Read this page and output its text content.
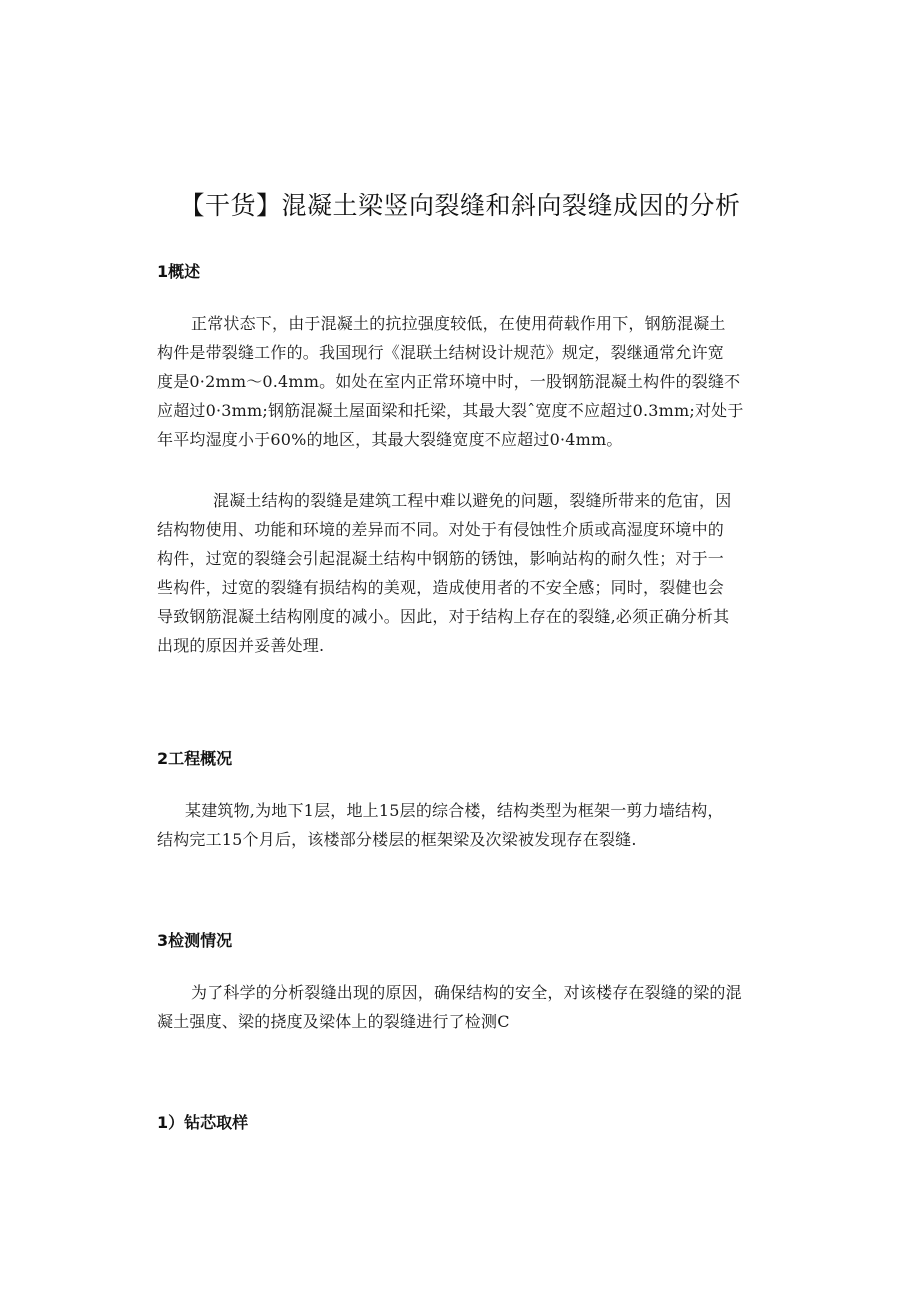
【干货】混凝土梁竖向裂缝和斜向裂缝成因的分析
1概述

正常状态下，由于混凝土的抗拉强度较低，在使用荷载作用下，钢筋混凝土
构件是带裂缝工作的。我国现行《混联土结树设计规范》规定，裂继通常允许宽
度是0·2mm～0.4mm。如处在室内正常环境中时，一股钢筋混凝土构件的裂缝不
应超过0·3mm;钢筋混凝土屋面梁和托梁，其最大裂ˆ宽度不应超过0.3mm;对处于
年平均湿度小于60%的地区，其最大裂缝宽度不应超过0·4mm。

混凝土结构的裂缝是建筑工程中难以避免的问题，裂缝所带来的危宙，因
结构物使用、功能和环境的差异而不同。对处于有侵蚀性介质或高湿度环境中的
构件，过宽的裂缝会引起混凝土结构中钢筋的锈蚀，影响站构的耐久性；对于一
些构件，过宽的裂缝有损结构的美观，造成使用者的不安全感；同时，裂健也会
导致钢筋混凝土结构刚度的减小。因此，对于结构上存在的裂缝,必须正确分析其
出现的原因并妥善处理.

2工程概况

某建筑物,为地下1层，地上15层的综合楼，结构类型为框架一剪力墙结构，
结构完工15个月后，该楼部分楼层的框架梁及次梁被发现存在裂缝.

3检测情况

为了科学的分析裂缝出现的原因，确保结构的安全，对该楼存在裂缝的梁的混
凝土强度、梁的挠度及梁体上的裂缝进行了检测C

1）钻芯取样
